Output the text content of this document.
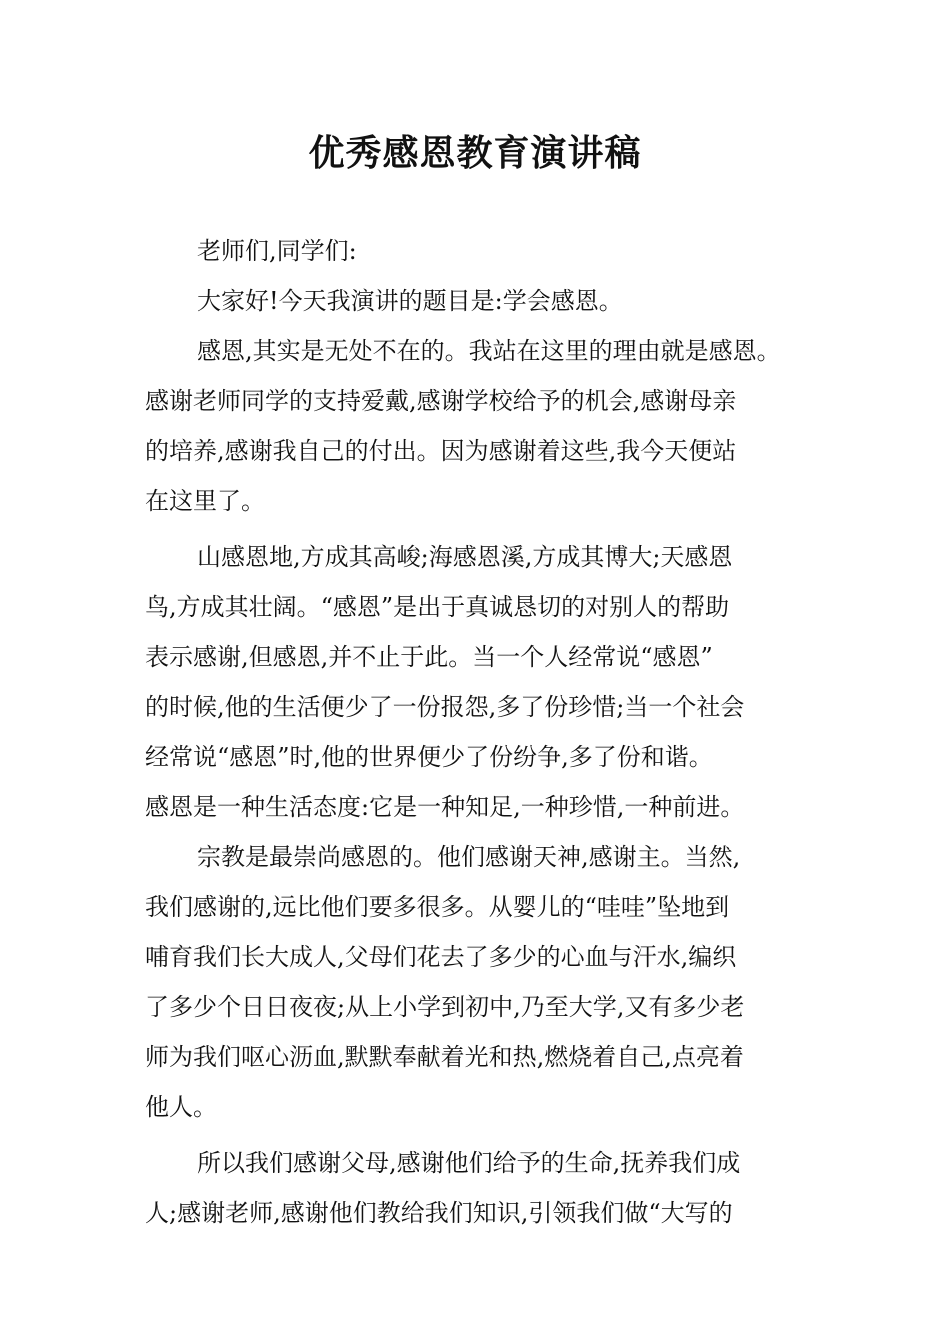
优秀感恩教育演讲稿
老师们,同学们:
大家好!今天我演讲的题目是:学会感恩。
感恩,其实是无处不在的。我站在这里的理由就是感恩。
感谢老师同学的支持爱戴,感谢学校给予的机会,感谢母亲
的培养,感谢我自己的付出。因为感谢着这些,我今天便站
在这里了。
山感恩地,方成其高峻;海感恩溪,方成其博大;天感恩
鸟,方成其壮阔。“感恩”是出于真诚恳切的对别人的帮助
表示感谢,但感恩,并不止于此。当一个人经常说“感恩”
的时候,他的生活便少了一份报怨,多了份珍惜;当一个社会
经常说“感恩”时,他的世界便少了份纷争,多了份和谐。
感恩是一种生活态度:它是一种知足,一种珍惜,一种前进。
宗教是最崇尚感恩的。他们感谢天神,感谢主。当然,
我们感谢的,远比他们要多很多。从婴儿的“哇哇”坠地到
哺育我们长大成人,父母们花去了多少的心血与汗水,编织
了多少个日日夜夜;从上小学到初中,乃至大学,又有多少老
师为我们呕心沥血,默默奉献着光和热,燃烧着自己,点亮着
他人。
所以我们感谢父母,感谢他们给予的生命,抚养我们成
人;感谢老师,感谢他们教给我们知识,引领我们做“大写的
